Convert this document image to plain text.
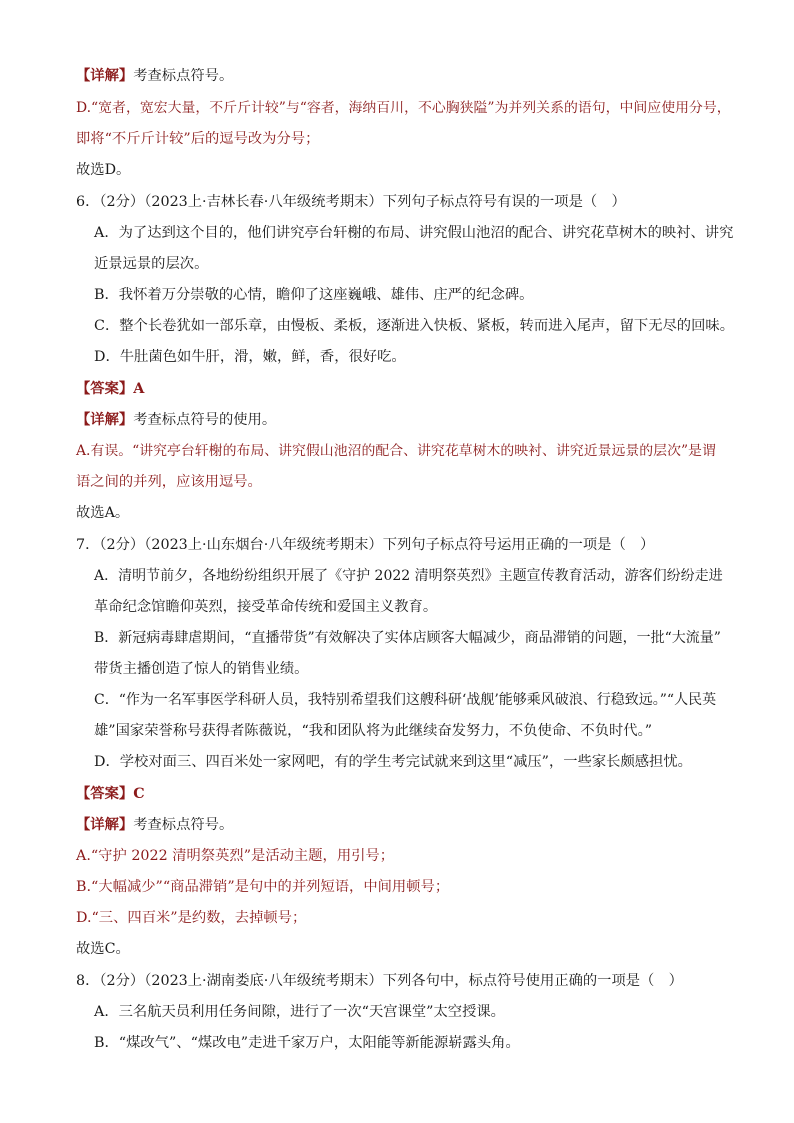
【详解】考查标点符号。
D.“宽者，宽宏大量，不斤斤计较”与“容者，海纳百川，不心胸狭隘”为并列关系的语句，中间应使用分号，
即将“不斤斤计较”后的逗号改为分号；
故选D。
6．（2分）（2023上·吉林长春·八年级统考期末）下列句子标点符号有误的一项是（　）
A．为了达到这个目的，他们讲究亭台轩榭的布局、讲究假山池沼的配合、讲究花草树木的映衬、讲究
近景远景的层次。
B．我怀着万分崇敬的心情，瞻仰了这座巍峨、雄伟、庄严的纪念碑。
C．整个长卷犹如一部乐章，由慢板、柔板，逐渐进入快板、紧板，转而进入尾声，留下无尽的回味。
D．牛肚菌色如牛肝，滑，嫩，鲜，香，很好吃。
【答案】A
【详解】考查标点符号的使用。
A.有误。“讲究亭台轩榭的布局、讲究假山池沼的配合、讲究花草树木的映衬、讲究近景远景的层次”是谓
语之间的并列，应该用逗号。
故选A。
7．（2分）（2023上·山东烟台·八年级统考期末）下列句子标点符号运用正确的一项是（　）
A．清明节前夕，各地纷纷组织开展了《守护 2022 清明祭英烈》主题宣传教育活动，游客们纷纷走进
革命纪念馆瞻仰英烈，接受革命传统和爱国主义教育。
B．新冠病毒肆虐期间，“直播带货”有效解决了实体店顾客大幅减少，商品滞销的问题，一批“大流量”
带货主播创造了惊人的销售业绩。
C．“作为一名军事医学科研人员，我特别希望我们这艘科研‘战舰’能够乘风破浪、行稳致远。”“人民英
雄”国家荣誉称号获得者陈薇说，“我和团队将为此继续奋发努力，不负使命、不负时代。”
D．学校对面三、四百米处一家网吧，有的学生考完试就来到这里“减压”，一些家长颇感担忧。
【答案】C
【详解】考查标点符号。
A.“守护 2022 清明祭英烈”是活动主题，用引号；
B.“大幅减少”“商品滞销”是句中的并列短语，中间用顿号；
D.“三、四百米”是约数，去掉顿号；
故选C。
8．（2分）（2023上·湖南娄底·八年级统考期末）下列各句中，标点符号使用正确的一项是（　）
A．三名航天员利用任务间隙，进行了一次“天宫课堂”太空授课。
B．“煤改气”、“煤改电”走进千家万户，太阳能等新能源崭露头角。
